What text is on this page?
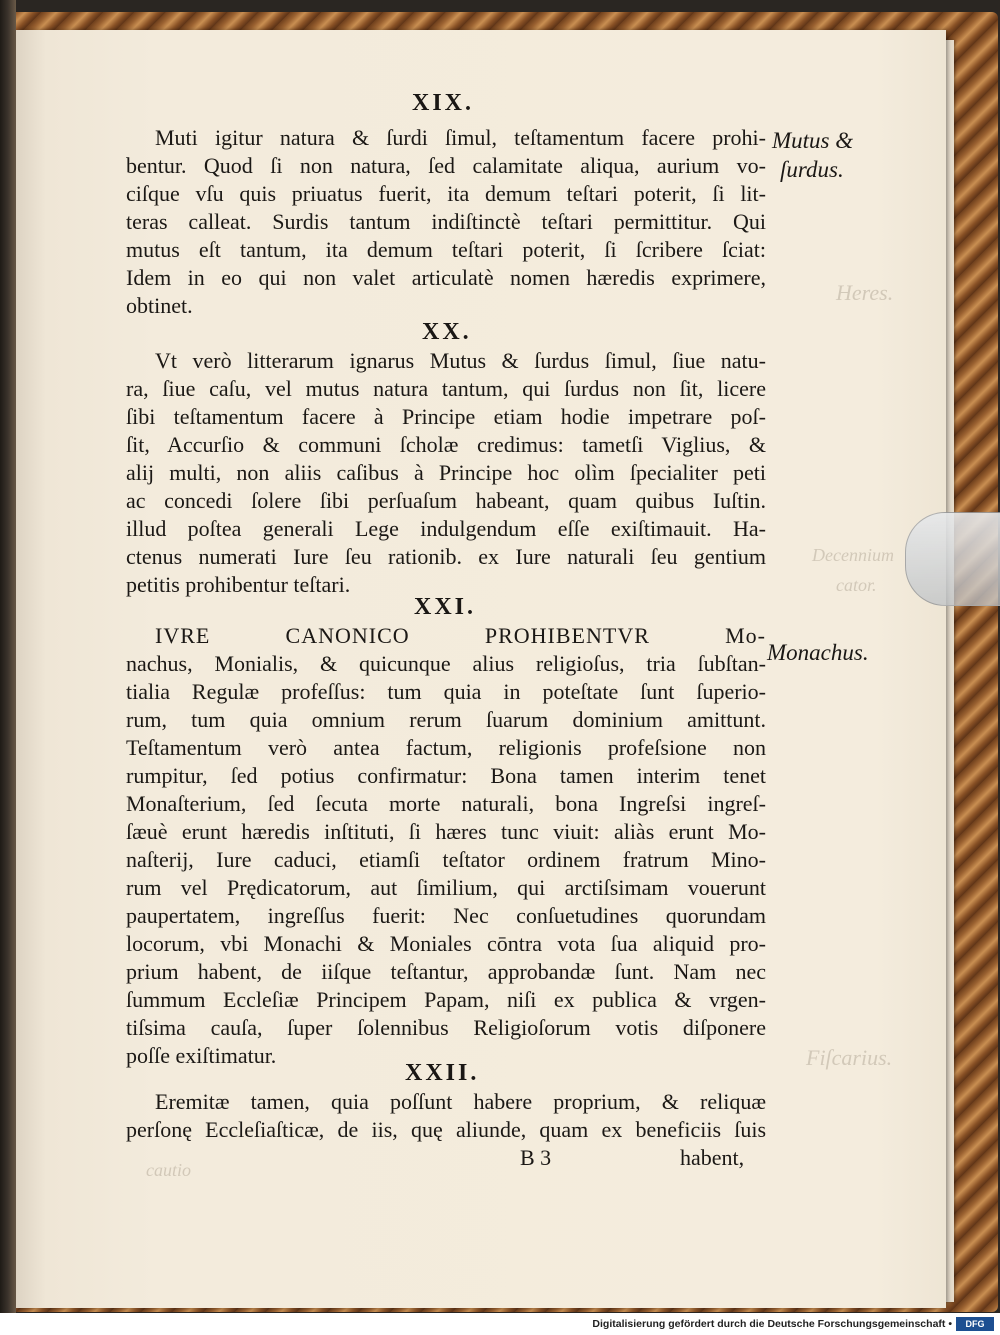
Heres.
Decennium
cator.
Fiſcarius.
cautio
XIX.
XX.
XXI.
XXII.
Muti igitur natura & ſurdi ſimul, teſtamentum facere prohi-
bentur. Quod ſi non natura, ſed calamitate aliqua, aurium vo-
ciſque vſu quis priuatus fuerit, ita demum teſtari poterit, ſi lit-
teras calleat. Surdis tantum indiſtinctè teſtari permittitur. Qui
mutus eſt tantum, ita demum teſtari poterit, ſi ſcribere ſciat:
Idem in eo qui non valet articulatè nomen hæredis exprimere,
obtinet.
Vt verò litterarum ignarus Mutus & ſurdus ſimul, ſiue natu-
ra, ſiue caſu, vel mutus natura tantum, qui ſurdus non ſit, licere
ſibi teſtamentum facere à Principe etiam hodie impetrare poſ-
ſit, Accurſio & communi ſcholæ credimus: tametſi Viglius, &
alij multi, non aliis caſibus à Principe hoc olìm ſpecialiter peti
ac concedi ſolere ſibi perſuaſum habeant, quam quibus Iuſtin.
illud poſtea generali Lege indulgendum eſſe exiſtimauit. Ha-
ctenus numerati Iure ſeu rationib. ex Iure naturali ſeu gentium
petitis prohibentur teſtari.
IVRE CANONICO PROHIBENTVR Mo-
nachus, Monialis, & quicunque alius religioſus, tria ſubſtan-
tialia Regulæ profeſſus: tum quia in poteſtate ſunt ſuperio-
rum, tum quia omnium rerum ſuarum dominium amittunt.
Teſtamentum verò antea factum, religionis profeſsione non
rumpitur, ſed potius confirmatur: Bona tamen interim tenet
Monaſterium, ſed ſecuta morte naturali, bona Ingreſsi ingreſ-
ſæuè erunt hæredis inſtituti, ſi hæres tunc viuit: aliàs erunt Mo-
naſterij, Iure caduci, etiamſi teſtator ordinem fratrum Mino-
rum vel Prędicatorum, aut ſimilium, qui arctiſsimam vouerunt
paupertatem, ingreſſus fuerit: Nec conſuetudines quorundam
locorum, vbi Monachi & Moniales cōntra vota ſua aliquid pro-
prium habent, de iiſque teſtantur, approbandæ ſunt. Nam nec
ſummum Eccleſiæ Principem Papam, niſi ex publica & vrgen-
tiſsima cauſa, ſuper ſolennibus Religioſorum votis diſponere
poſſe exiſtimatur.
Eremitæ tamen, quia poſſunt habere proprium, & reliquæ
perſonę Eccleſiaſticæ, de iis, quę aliunde, quam ex beneficiis ſuis
B 3	habent,
Mutus &
ſurdus.
Monachus.
Digitalisierung gefördert durch die Deutsche Forschungsgemeinschaft •	DFG
